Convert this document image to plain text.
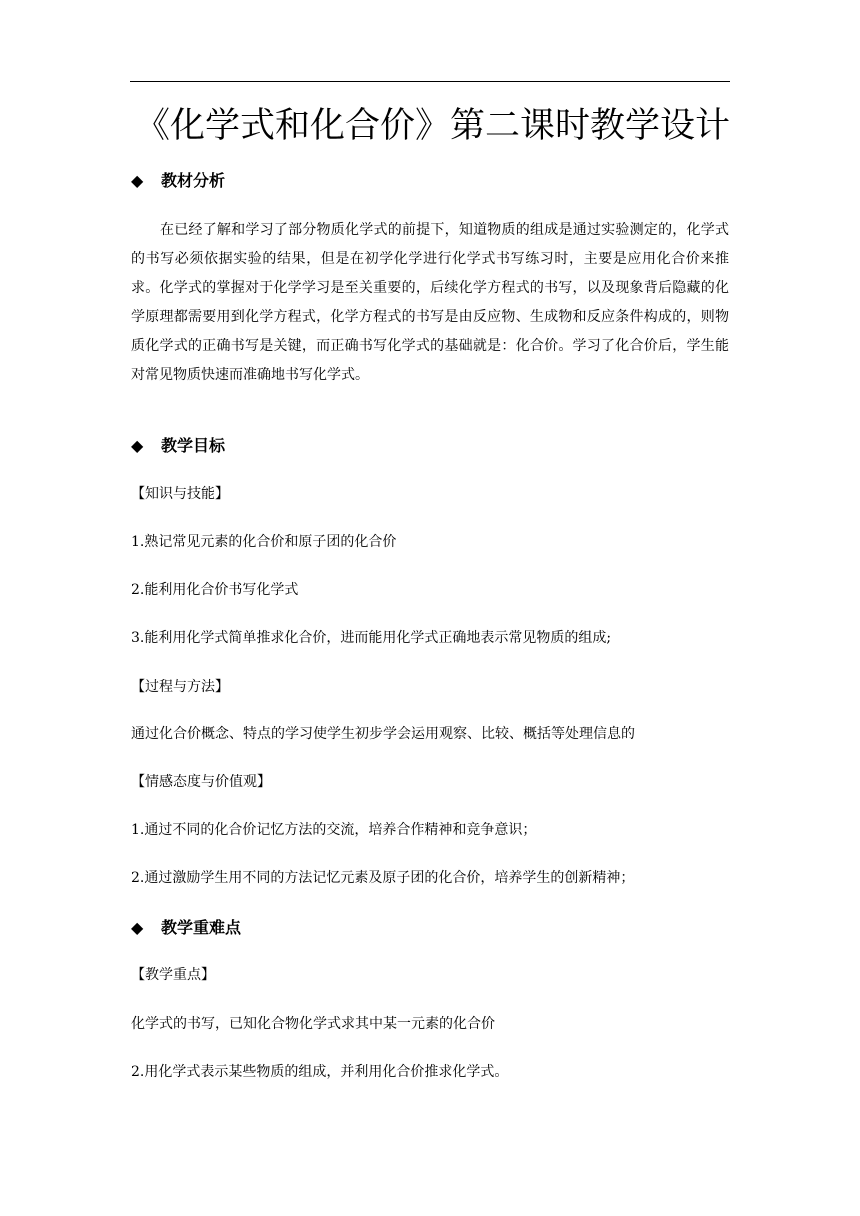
《化学式和化合价》第二课时教学设计
◆ 教材分析
在已经了解和学习了部分物质化学式的前提下，知道物质的组成是通过实验测定的，化学式的书写必须依据实验的结果，但是在初学化学进行化学式书写练习时，主要是应用化合价来推求。化学式的掌握对于化学学习是至关重要的，后续化学方程式的书写，以及现象背后隐藏的化学原理都需要用到化学方程式，化学方程式的书写是由反应物、生成物和反应条件构成的，则物质化学式的正确书写是关键，而正确书写化学式的基础就是：化合价。学习了化合价后，学生能对常见物质快速而准确地书写化学式。
◆ 教学目标
【知识与技能】
1.熟记常见元素的化合价和原子团的化合价
2.能利用化合价书写化学式
3.能利用化学式简单推求化合价，进而能用化学式正确地表示常见物质的组成;
【过程与方法】
通过化合价概念、特点的学习使学生初步学会运用观察、比较、概括等处理信息的
【情感态度与价值观】
1.通过不同的化合价记忆方法的交流，培养合作精神和竞争意识；
2.通过激励学生用不同的方法记忆元素及原子团的化合价，培养学生的创新精神；
◆ 教学重难点
【教学重点】
化学式的书写，已知化合物化学式求其中某一元素的化合价
2.用化学式表示某些物质的组成，并利用化合价推求化学式。
